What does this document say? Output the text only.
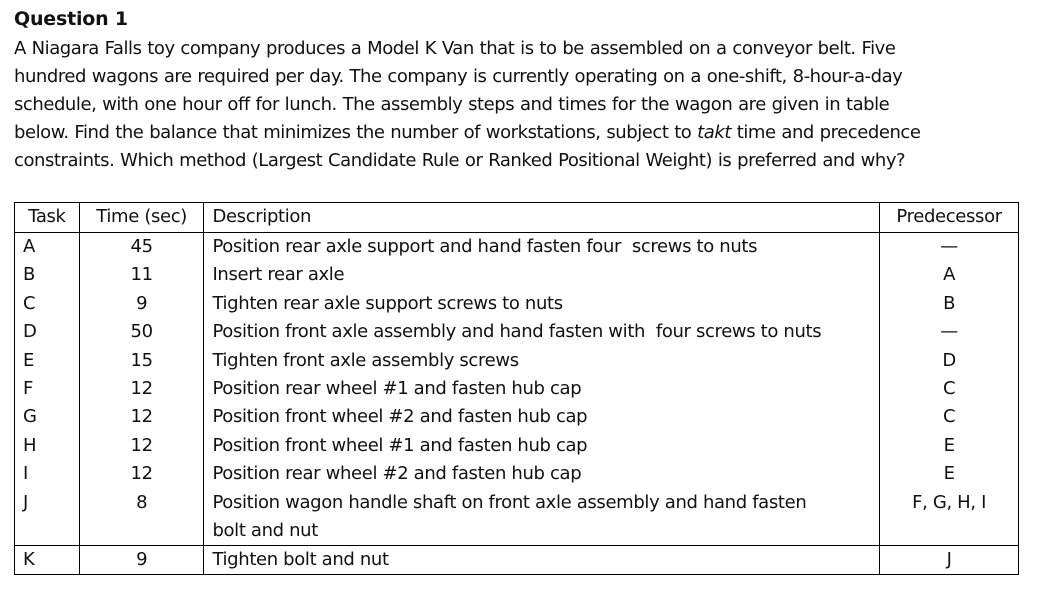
Question 1
A Niagara Falls toy company produces a Model K Van that is to be assembled on a conveyor belt. Five
hundred wagons are required per day. The company is currently operating on a one-shift, 8-hour-a-day
schedule, with one hour off for lunch. The assembly steps and times for the wagon are given in table
below. Find the balance that minimizes the number of workstations, subject to takt time and precedence
constraints. Which method (Largest Candidate Rule or Ranked Positional Weight) is preferred and why?
Task	Time (sec)	Description	Predecessor
A	45	Position rear axle support and hand fasten four  screws to nuts	—
B	11	Insert rear axle	A
C	9	Tighten rear axle support screws to nuts	B
D	50	Position front axle assembly and hand fasten with  four screws to nuts	—
E	15	Tighten front axle assembly screws	D
F	12	Position rear wheel #1 and fasten hub cap	C
G	12	Position front wheel #2 and fasten hub cap	C
H	12	Position front wheel #1 and fasten hub cap	E
I	12	Position rear wheel #2 and fasten hub cap	E
J	8	Position wagon handle shaft on front axle assembly and hand fasten
bolt and nut	F, G, H, I
K	9	Tighten bolt and nut	J
